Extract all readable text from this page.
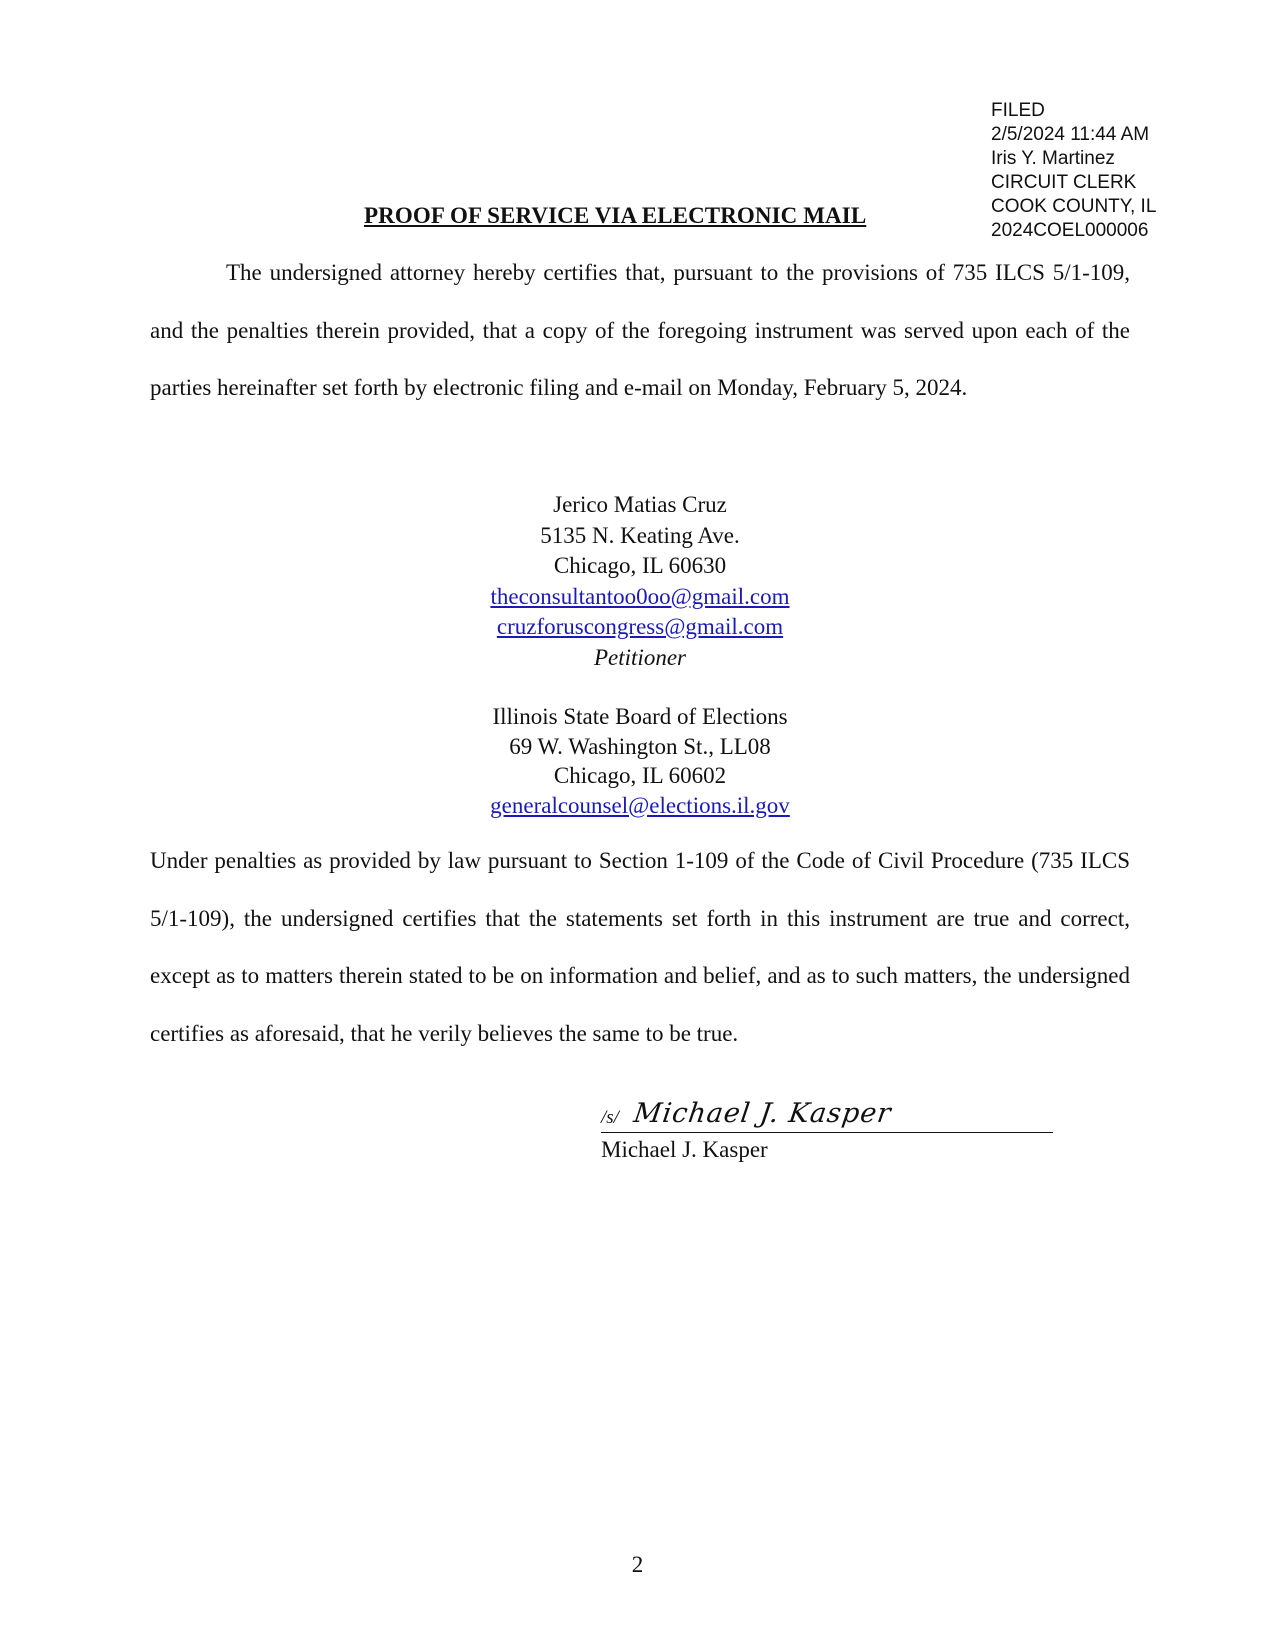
FILED
2/5/2024 11:44 AM
Iris Y. Martinez
CIRCUIT CLERK
COOK COUNTY, IL
2024COEL000006
PROOF OF SERVICE VIA ELECTRONIC MAIL
The undersigned attorney hereby certifies that, pursuant to the provisions of 735 ILCS 5/1-109, and the penalties therein provided, that a copy of the foregoing instrument was served upon each of the parties hereinafter set forth by electronic filing and e-mail on Monday, February 5, 2024.
Jerico Matias Cruz
5135 N. Keating Ave.
Chicago, IL 60630
theconsultantoo0oo@gmail.com
cruzforuscongress@gmail.com
Petitioner
Illinois State Board of Elections
69 W. Washington St., LL08
Chicago, IL 60602
generalcounsel@elections.il.gov
Under penalties as provided by law pursuant to Section 1-109 of the Code of Civil Procedure (735 ILCS 5/1-109), the undersigned certifies that the statements set forth in this instrument are true and correct, except as to matters therein stated to be on information and belief, and as to such matters, the undersigned certifies as aforesaid, that he verily believes the same to be true.
/s/ Michael J. Kasper
Michael J. Kasper
2
